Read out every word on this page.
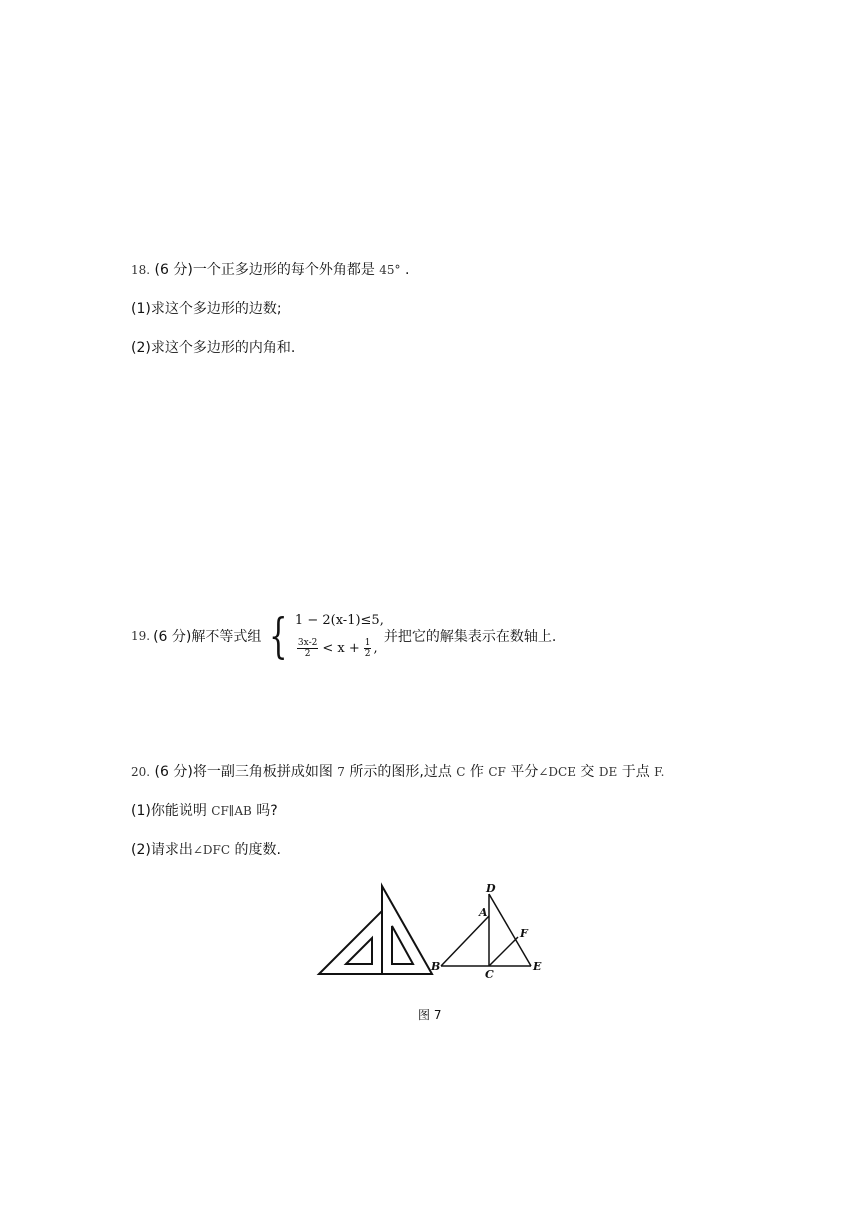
18. (6 分)一个正多边形的每个外角都是 45° .
(1)求这个多边形的边数;
(2)求这个多边形的内角和.
19. (6 分) 解不等式组 { 1 − 2(x-1)≤5,
$\frac{3x-2}{2} < x + \frac{1}{2}$ ,
并把它的解集表示在数轴上.
20. (6 分)将一副三角板拼成如图 7 所示的图形,过点 C 作 CF 平分∠DCE 交 DE 于点 F.
(1)你能说明 CF∥AB 吗?
(2)请求出∠DFC 的度数.
D
A
F
B
C
E
图 7
